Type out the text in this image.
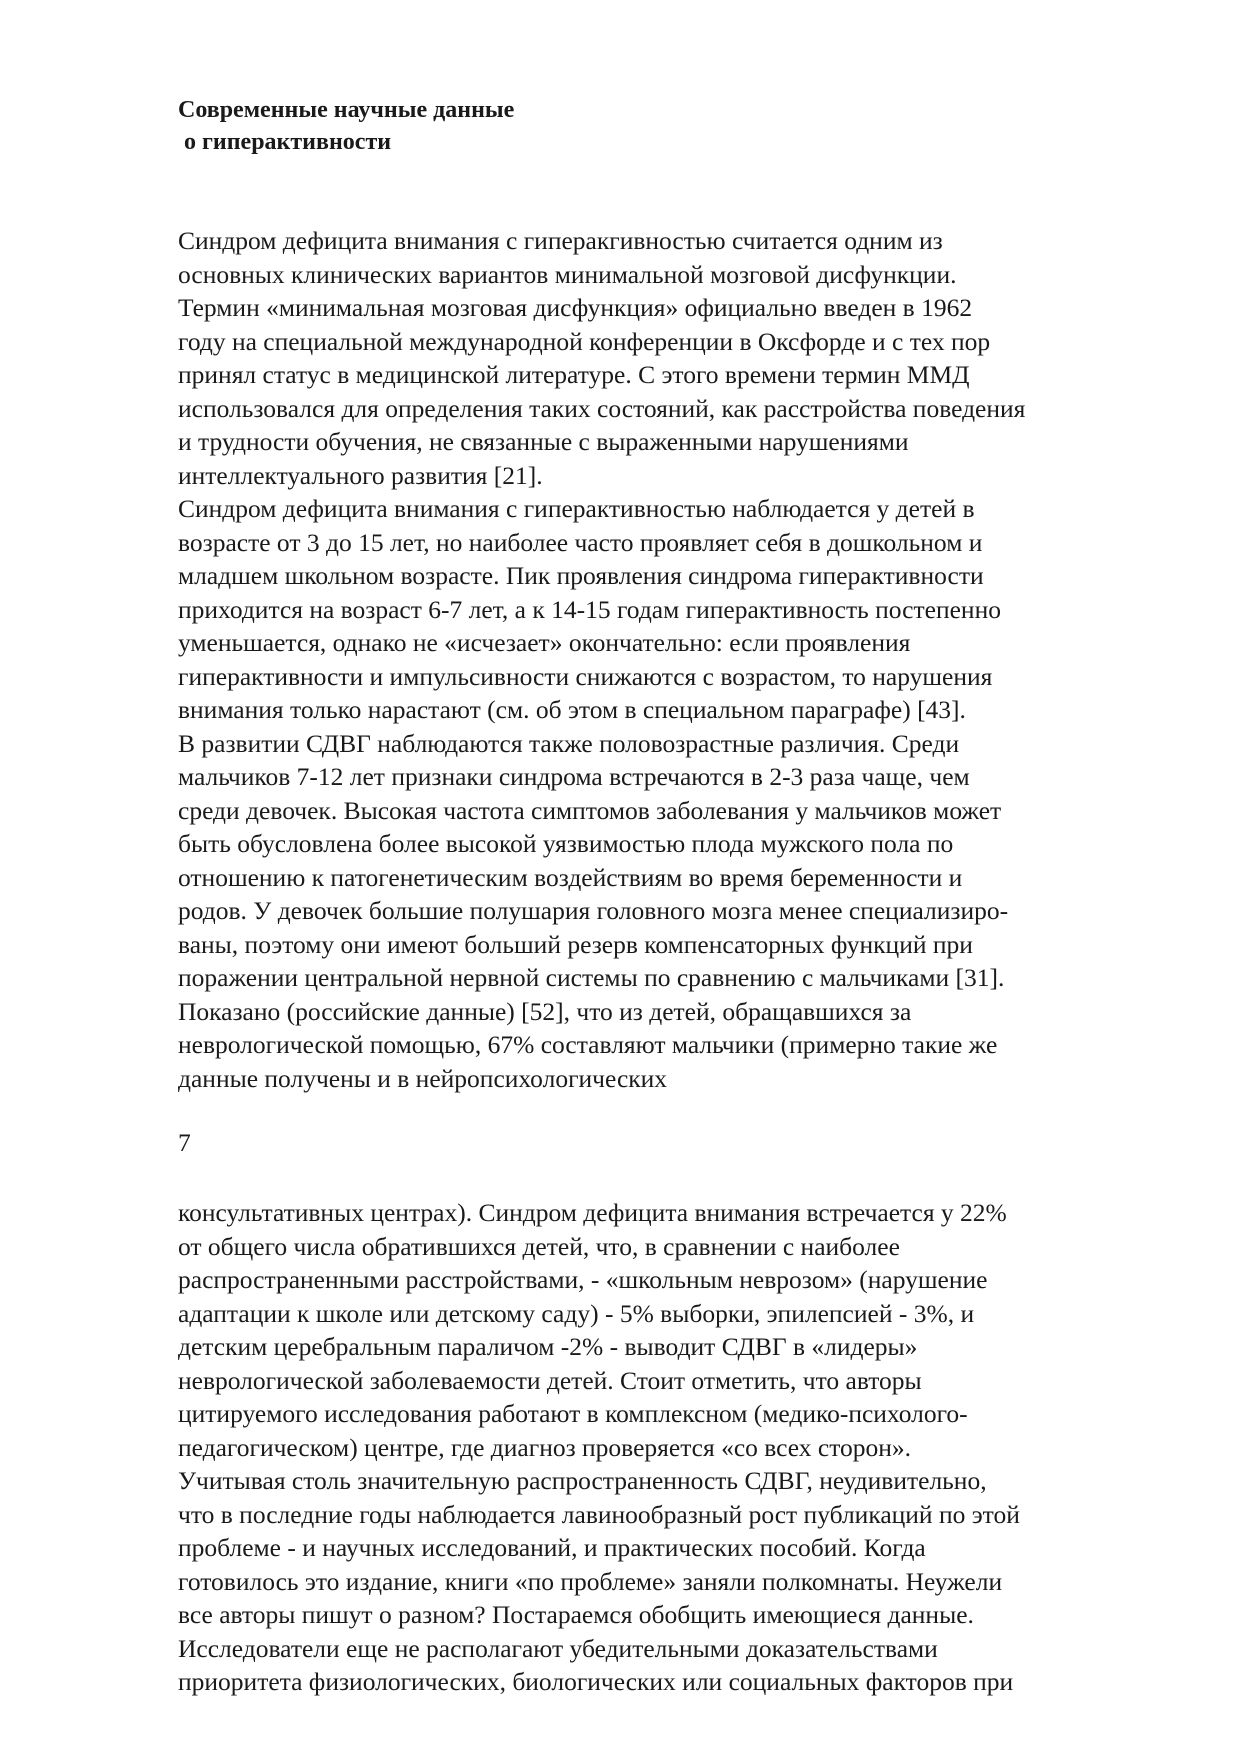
Современные научные данные
о гиперактивности
Синдром дефицита внимания с гиперакгивностью считается одним из
основных клинических вариантов минимальной мозговой дисфункции.
Термин «минимальная мозговая дисфункция» официально введен в 1962
году на специальной международной конференции в Оксфорде и с тех пор
принял статус в медицинской литературе. С этого времени термин ММД
использовался для определения таких состояний, как расстройства поведения
и трудности обучения, не связанные с выраженными нарушениями
интеллектуального развития [21].
Синдром дефицита внимания с гиперактивностью наблюдается у детей в
возрасте от 3 до 15 лет, но наиболее часто проявляет себя в дошкольном и
младшем школьном возрасте. Пик проявления синдрома гиперактивности
приходится на возраст 6-7 лет, а к 14-15 годам гиперактивность постепенно
уменьшается, однако не «исчезает» окончательно: если проявления
гиперактивности и импульсивности снижаются с возрастом, то нарушения
внимания только нарастают (см. об этом в специальном параграфе) [43].
В развитии СДВГ наблюдаются также половозрастные различия. Среди
мальчиков 7-12 лет признаки синдрома встречаются в 2-3 раза чаще, чем
среди девочек. Высокая частота симптомов заболевания у мальчиков может
быть обусловлена более высокой уязвимостью плода мужского пола по
отношению к патогенетическим воздействиям во время беременности и
родов. У девочек большие полушария головного мозга менее специализиро-
ваны, поэтому они имеют больший резерв компенсаторных функций при
поражении центральной нервной системы по сравнению с мальчиками [31].
Показано (российские данные) [52], что из детей, обращавшихся за
неврологической помощью, 67% составляют мальчики (примерно такие же
данные получены и в нейропсихологических
7
консультативных центрах). Синдром дефицита внимания встречается у 22%
от общего числа обратившихся детей, что, в сравнении с наиболее
распространенными расстройствами, - «школьным неврозом» (нарушение
адаптации к школе или детскому саду) - 5% выборки, эпилепсией - 3%, и
детским церебральным параличом -2% - выводит СДВГ в «лидеры»
неврологической заболеваемости детей. Стоит отметить, что авторы
цитируемого исследования работают в комплексном (медико-психолого-
педагогическом) центре, где диагноз проверяется «со всех сторон».
Учитывая столь значительную распространенность СДВГ, неудивительно,
что в последние годы наблюдается лавинообразный рост публикаций по этой
проблеме - и научных исследований, и практических пособий. Когда
готовилось это издание, книги «по проблеме» заняли полкомнаты. Неужели
все авторы пишут о разном? Постараемся обобщить имеющиеся данные.
Исследователи еще не располагают убедительными доказательствами
приоритета физиологических, биологических или социальных факторов при
